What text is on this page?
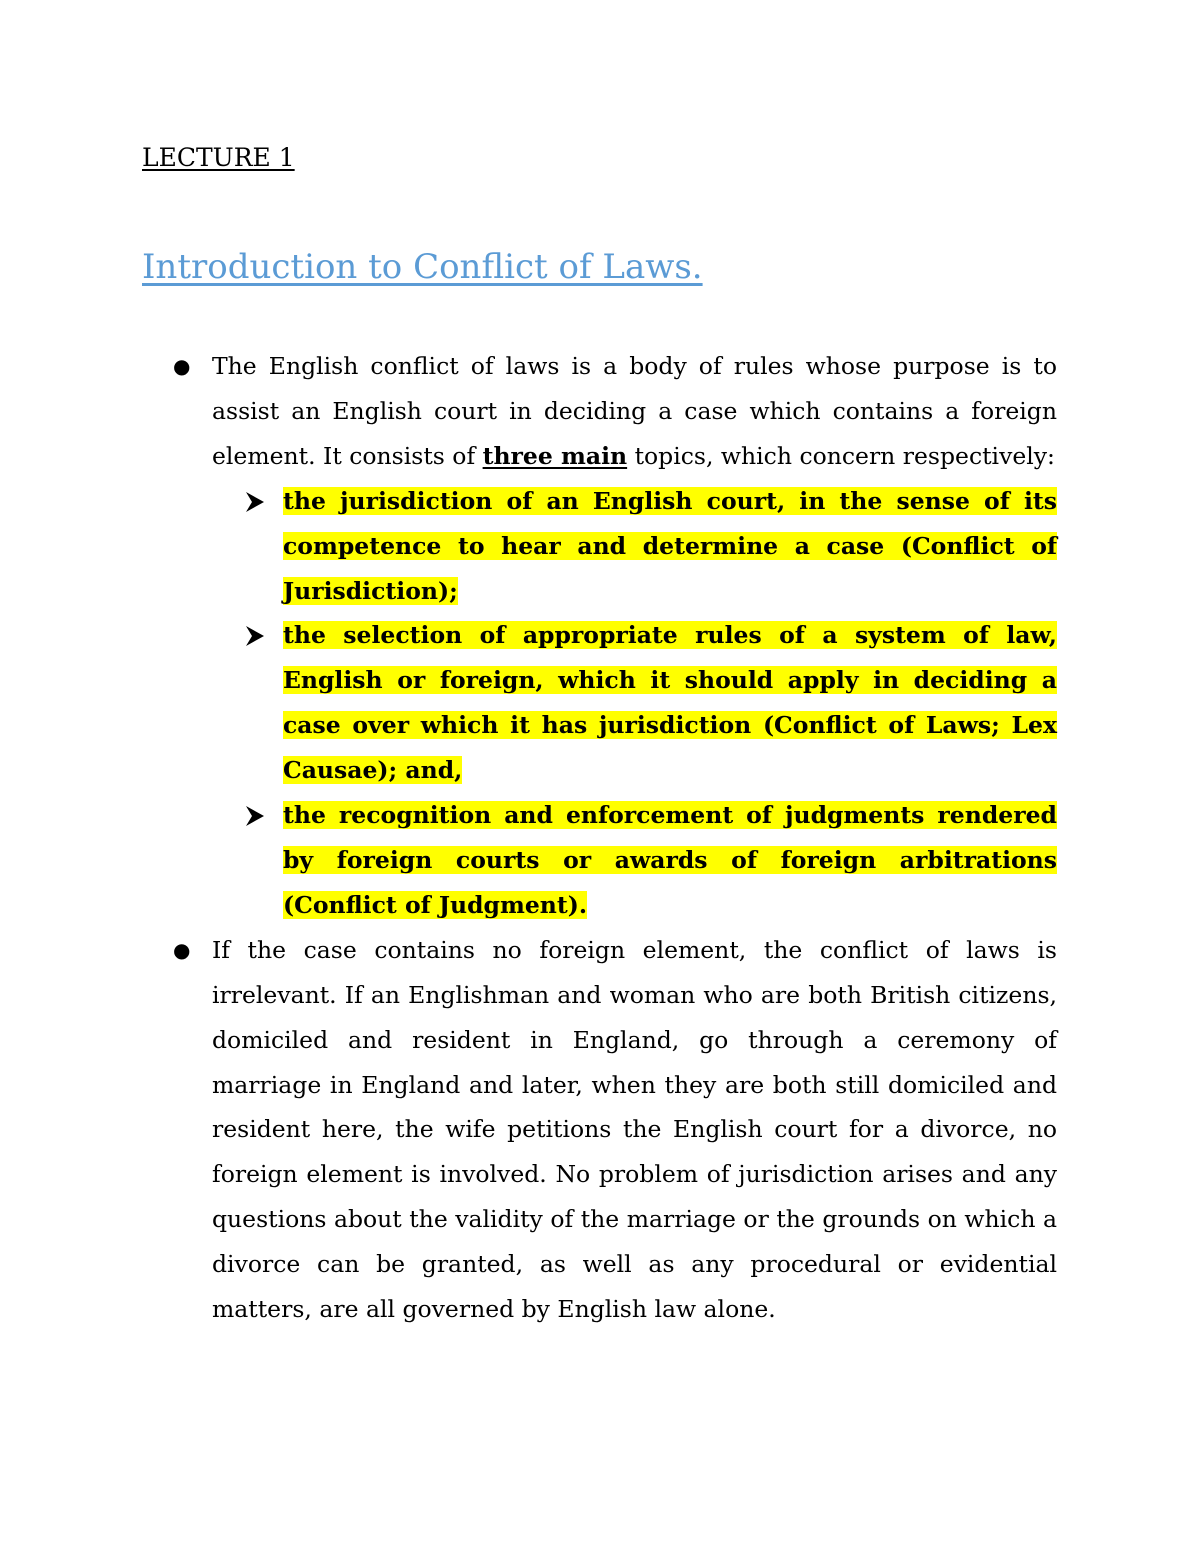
LECTURE 1
Introduction to Conflict of Laws.
● The English conflict of laws is a body of rules whose purpose is to assist an English court in deciding a case which contains a foreign element. It consists of three main topics, which concern respectively:
the jurisdiction of an English court, in the sense of its competence to hear and determine a case (Conflict of Jurisdiction);
the selection of appropriate rules of a system of law, English or foreign, which it should apply in deciding a case over which it has jurisdiction (Conflict of Laws; Lex Causae); and,
the recognition and enforcement of judgments rendered by foreign courts or awards of foreign arbitrations (Conflict of Judgment).
● If the case contains no foreign element, the conflict of laws is irrelevant. If an Englishman and woman who are both British citizens, domiciled and resident in England, go through a ceremony of marriage in England and later, when they are both still domiciled and resident here, the wife petitions the English court for a divorce, no foreign element is involved. No problem of jurisdiction arises and any questions about the validity of the marriage or the grounds on which a divorce can be granted, as well as any procedural or evidential matters, are all governed by English law alone.
